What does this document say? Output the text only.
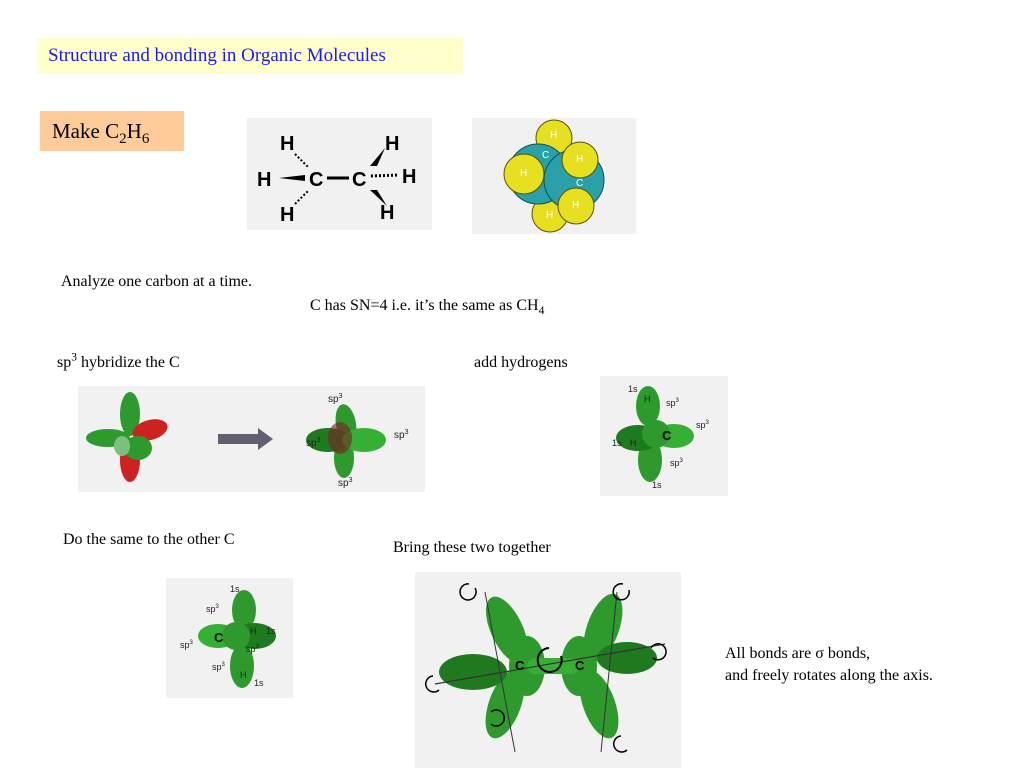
Structure and bonding in Organic Molecules
Make $C_2H_6$	H
H
H
C C
H
H
H
H
H
C	H
C
H
H
Analyze one carbon at a time.
C has SN=4 i.e. it’s the same as $CH_4$
$sp^3$ hybridize the C	add hydrogens
$sp^3$
$sp^3$	$sp^3$
$sp^3$
1s
H $sp^3$
$sp^3$
1s H
$sp^3$
1s
C
Do the same to the other C	Bring these two together
C
1s
H 1s
$sp^3$
$sp^3$
$sp^3$
$sp^3$
H
1s
C	C
All bonds are σ bonds,
and freely rotates along the axis.
